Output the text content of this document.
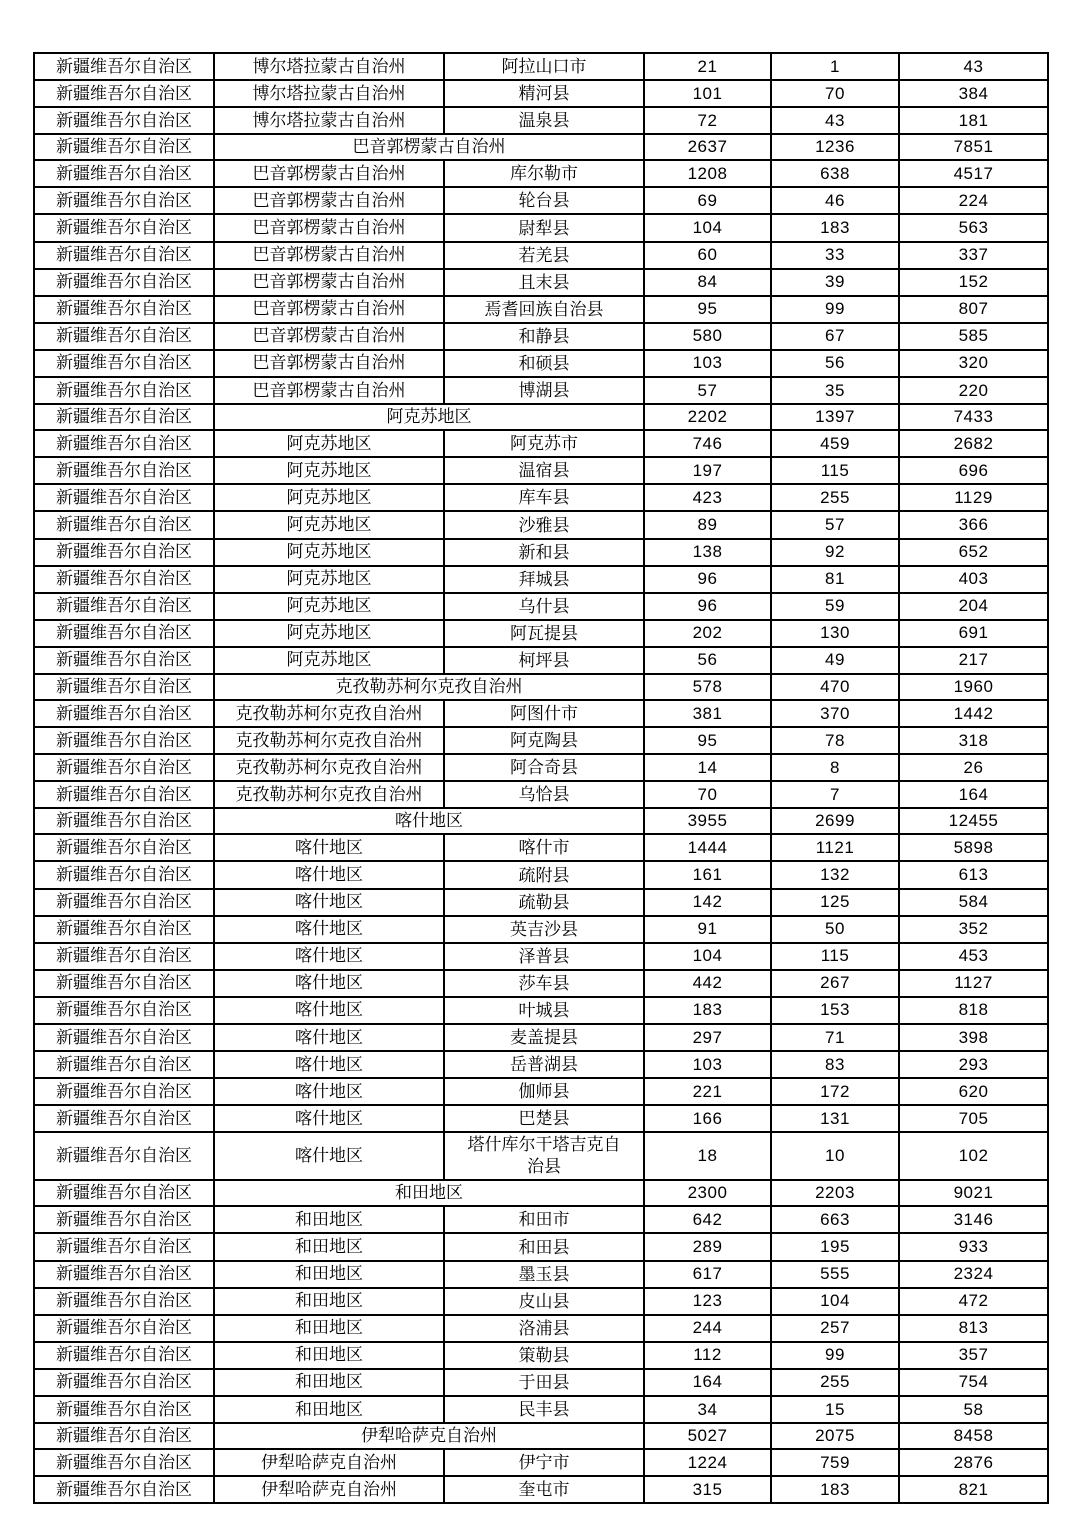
新疆维吾尔自治区	博尔塔拉蒙古自治州	阿拉山口市	21	1	43
新疆维吾尔自治区	博尔塔拉蒙古自治州	精河县	101	70	384
新疆维吾尔自治区	博尔塔拉蒙古自治州	温泉县	72	43	181
新疆维吾尔自治区	巴音郭楞蒙古自治州		2637	1236	7851
新疆维吾尔自治区	巴音郭楞蒙古自治州	库尔勒市	1208	638	4517
新疆维吾尔自治区	巴音郭楞蒙古自治州	轮台县	69	46	224
新疆维吾尔自治区	巴音郭楞蒙古自治州	尉犁县	104	183	563
新疆维吾尔自治区	巴音郭楞蒙古自治州	若羌县	60	33	337
新疆维吾尔自治区	巴音郭楞蒙古自治州	且末县	84	39	152
新疆维吾尔自治区	巴音郭楞蒙古自治州	焉耆回族自治县	95	99	807
新疆维吾尔自治区	巴音郭楞蒙古自治州	和静县	580	67	585
新疆维吾尔自治区	巴音郭楞蒙古自治州	和硕县	103	56	320
新疆维吾尔自治区	巴音郭楞蒙古自治州	博湖县	57	35	220
新疆维吾尔自治区	阿克苏地区		2202	1397	7433
新疆维吾尔自治区	阿克苏地区	阿克苏市	746	459	2682
新疆维吾尔自治区	阿克苏地区	温宿县	197	115	696
新疆维吾尔自治区	阿克苏地区	库车县	423	255	1129
新疆维吾尔自治区	阿克苏地区	沙雅县	89	57	366
新疆维吾尔自治区	阿克苏地区	新和县	138	92	652
新疆维吾尔自治区	阿克苏地区	拜城县	96	81	403
新疆维吾尔自治区	阿克苏地区	乌什县	96	59	204
新疆维吾尔自治区	阿克苏地区	阿瓦提县	202	130	691
新疆维吾尔自治区	阿克苏地区	柯坪县	56	49	217
新疆维吾尔自治区	克孜勒苏柯尔克孜自治州		578	470	1960
新疆维吾尔自治区	克孜勒苏柯尔克孜自治州	阿图什市	381	370	1442
新疆维吾尔自治区	克孜勒苏柯尔克孜自治州	阿克陶县	95	78	318
新疆维吾尔自治区	克孜勒苏柯尔克孜自治州	阿合奇县	14	8	26
新疆维吾尔自治区	克孜勒苏柯尔克孜自治州	乌恰县	70	7	164
新疆维吾尔自治区	喀什地区		3955	2699	12455
新疆维吾尔自治区	喀什地区	喀什市	1444	1121	5898
新疆维吾尔自治区	喀什地区	疏附县	161	132	613
新疆维吾尔自治区	喀什地区	疏勒县	142	125	584
新疆维吾尔自治区	喀什地区	英吉沙县	91	50	352
新疆维吾尔自治区	喀什地区	泽普县	104	115	453
新疆维吾尔自治区	喀什地区	莎车县	442	267	1127
新疆维吾尔自治区	喀什地区	叶城县	183	153	818
新疆维吾尔自治区	喀什地区	麦盖提县	297	71	398
新疆维吾尔自治区	喀什地区	岳普湖县	103	83	293
新疆维吾尔自治区	喀什地区	伽师县	221	172	620
新疆维吾尔自治区	喀什地区	巴楚县	166	131	705
新疆维吾尔自治区	喀什地区	塔什库尔干塔吉克自治县	18	10	102
新疆维吾尔自治区	和田地区		2300	2203	9021
新疆维吾尔自治区	和田地区	和田市	642	663	3146
新疆维吾尔自治区	和田地区	和田县	289	195	933
新疆维吾尔自治区	和田地区	墨玉县	617	555	2324
新疆维吾尔自治区	和田地区	皮山县	123	104	472
新疆维吾尔自治区	和田地区	洛浦县	244	257	813
新疆维吾尔自治区	和田地区	策勒县	112	99	357
新疆维吾尔自治区	和田地区	于田县	164	255	754
新疆维吾尔自治区	和田地区	民丰县	34	15	58
新疆维吾尔自治区	伊犁哈萨克自治州		5027	2075	8458
新疆维吾尔自治区	伊犁哈萨克自治州	伊宁市	1224	759	2876
新疆维吾尔自治区	伊犁哈萨克自治州	奎屯市	315	183	821
